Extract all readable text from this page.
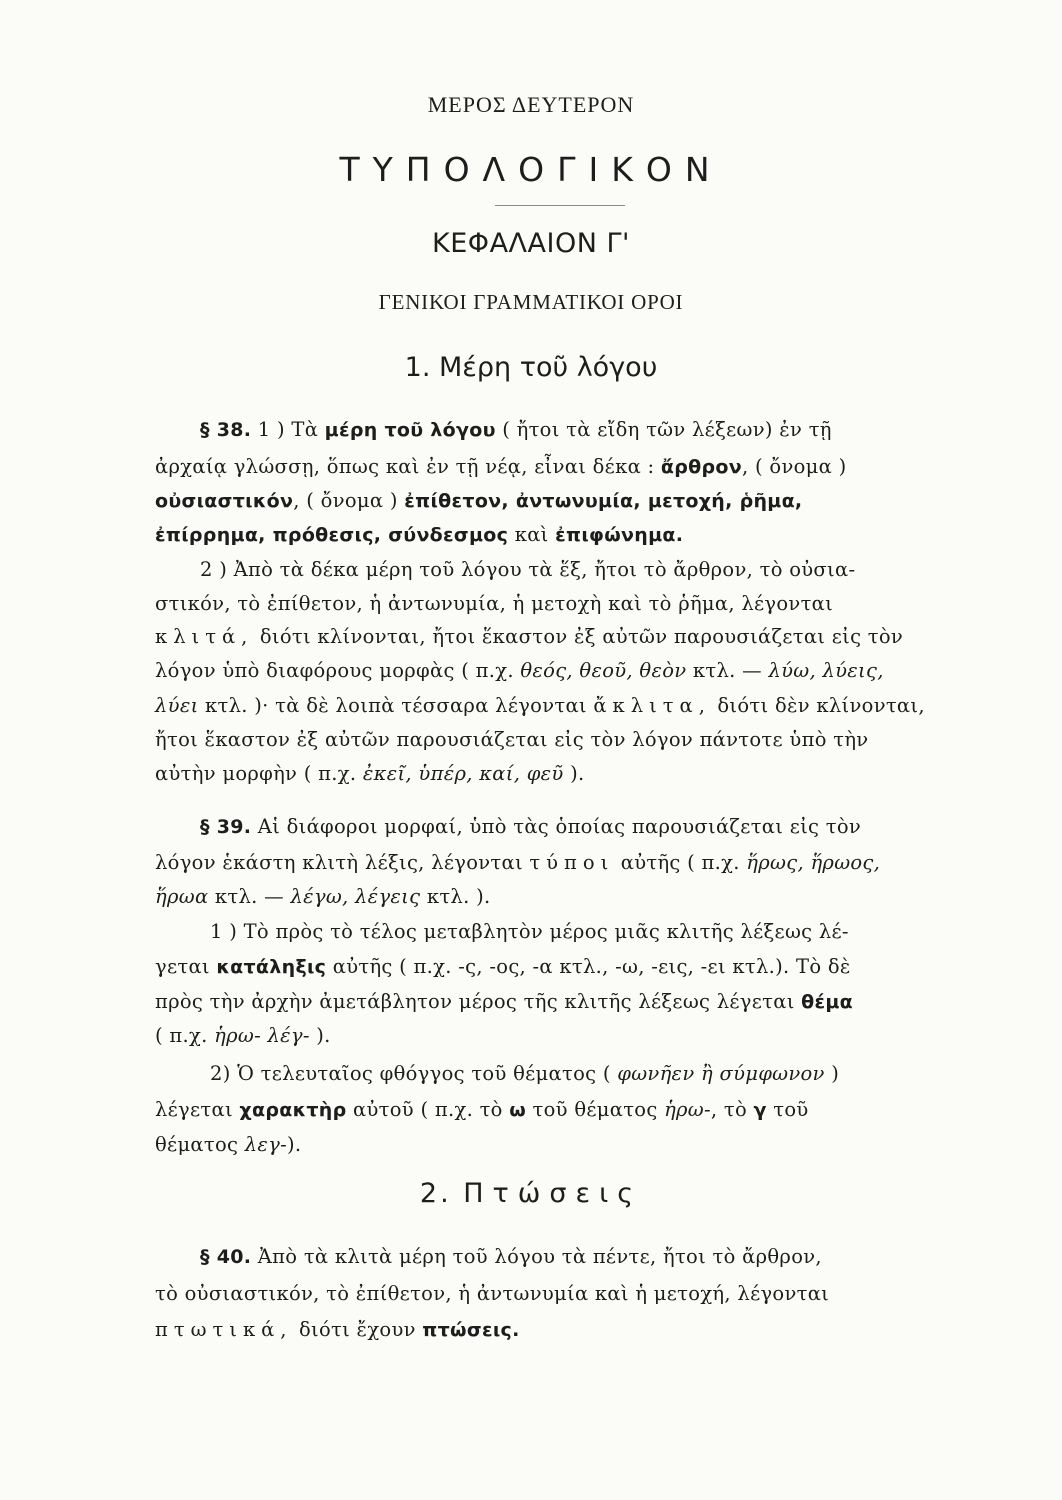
ΜΕΡΟΣ ΔΕΥΤΕΡΟΝ
ΤΥΠΟΛΟΓΙΚΟΝ
ΚΕΦΑΛΑΙΟΝ Γ'
ΓΕΝΙΚΟΙ ΓΡΑΜΜΑΤΙΚΟΙ ΟΡΟΙ
1. Μέρη τοῦ λόγου
§ 38. 1 ) Τὰ μέρη τοῦ λόγου ( ἤτοι τὰ εἴδη τῶν λέξεων) ἐν τῇ
ἀρχαίᾳ γλώσσῃ, ὅπως καὶ ἐν τῇ νέᾳ, εἶναι δέκα : ἄρθρον, ( ὄνομα )
οὐσιαστικόν, ( ὄνομα ) ἐπίθετον, ἀντωνυμία, μετοχή, ῥῆμα,
ἐπίρρημα, πρόθεσις, σύνδεσμος καὶ ἐπιφώνημα.
2 ) Ἀπὸ τὰ δέκα μέρη τοῦ λόγου τὰ ἕξ, ἤτοι τὸ ἄρθρον, τὸ οὐσια-
στικόν, τὸ ἐπίθετον, ἡ ἀντωνυμία, ἡ μετοχὴ καὶ τὸ ῥῆμα, λέγονται
κλιτά, διότι κλίνονται, ἤτοι ἕκαστον ἐξ αὐτῶν παρουσιάζεται εἰς τὸν
λόγον ὑπὸ διαφόρους μορφὰς ( π.χ. θεός, θεοῦ, θεὸν κτλ. — λύω, λύεις,
λύει κτλ. )· τὰ δὲ λοιπὰ τέσσαρα λέγονται ἄκλιτα, διότι δὲν κλίνονται,
ἤτοι ἕκαστον ἐξ αὐτῶν παρουσιάζεται εἰς τὸν λόγον πάντοτε ὑπὸ τὴν
αὐτὴν μορφὴν ( π.χ. ἐκεῖ, ὑπέρ, καί, φεῦ ).
§ 39. Αἱ διάφοροι μορφαί, ὑπὸ τὰς ὁποίας παρουσιάζεται εἰς τὸν
λόγον ἑκάστη κλιτὴ λέξις, λέγονται τύποι αὐτῆς ( π.χ. ἥρως, ἥρωος,
ἥρωα κτλ. — λέγω, λέγεις κτλ. ).
1 ) Τὸ πρὸς τὸ τέλος μεταβλητὸν μέρος μιᾶς κλιτῆς λέξεως λέ-
γεται κατάληξις αὐτῆς ( π.χ. -ς, -ος, -α κτλ., -ω, -εις, -ει κτλ.). Τὸ δὲ
πρὸς τὴν ἀρχὴν ἀμετάβλητον μέρος τῆς κλιτῆς λέξεως λέγεται θέμα
( π.χ. ἡρω- λέγ- ).
2) Ὁ τελευταῖος φθόγγος τοῦ θέματος ( φωνῆεν ἢ σύμφωνον )
λέγεται χαρακτὴρ αὐτοῦ ( π.χ. τὸ ω τοῦ θέματος ἡρω-, τὸ γ τοῦ
θέματος λεγ-).
2. Πτώσεις
§ 40. Ἀπὸ τὰ κλιτὰ μέρη τοῦ λόγου τὰ πέντε, ἤτοι τὸ ἄρθρον,
τὸ οὐσιαστικόν, τὸ ἐπίθετον, ἡ ἀντωνυμία καὶ ἡ μετοχή, λέγονται
πτωτικά, διότι ἔχουν πτώσεις.
